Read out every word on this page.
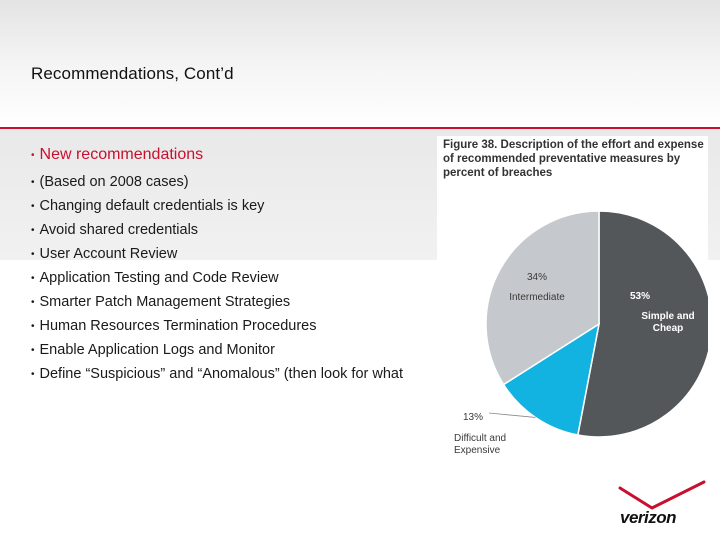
Recommendations, Cont’d
• New recommendations
• (Based on 2008 cases)
• Changing default credentials is key
• Avoid shared credentials
• User Account Review
• Application Testing and Code Review
• Smarter Patch Management Strategies
• Human Resources Termination Procedures
• Enable Application Logs and Monitor
• Define “Suspicious” and “Anomalous” (then look for what
Figure 38. Description of the effort and expense
of recommended preventative measures by
percent of breaches
53%
Simple and
Cheap
13%
Difficult and
Expensive
34%
Intermediate
verizon
